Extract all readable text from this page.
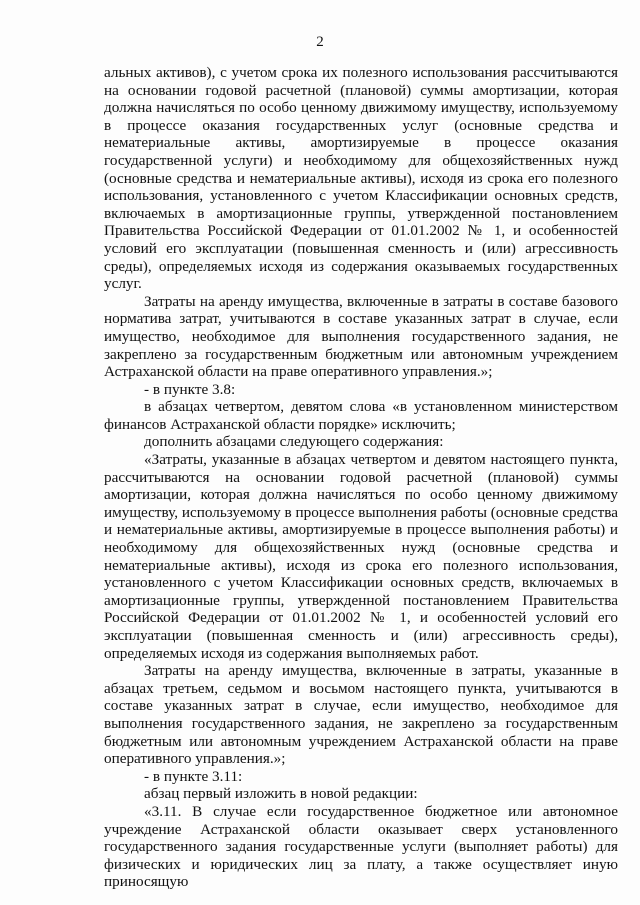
2

альных активов), с учетом срока их полезного использования рассчитываются на основании годовой расчетной (плановой) суммы амортизации, которая должна начисляться по особо ценному движимому имуществу, используемому в процессе оказания государственных услуг (основные средства и нематериальные активы, амортизируемые в процессе оказания государственной услуги) и необходимому для общехозяйственных нужд (основные средства и нематериальные активы), исходя из срока его полезного использования, установленного с учетом Классификации основных средств, включаемых в амортизационные группы, утвержденной постановлением Правительства Российской Федерации от 01.01.2002 № 1, и особенностей условий его эксплуатации (повышенная сменность и (или) агрессивность среды), определяемых исходя из содержания оказываемых государственных услуг.

Затраты на аренду имущества, включенные в затраты в составе базового норматива затрат, учитываются в составе указанных затрат в случае, если имущество, необходимое для выполнения государственного задания, не закреплено за государственным бюджетным или автономным учреждением Астраханской области на праве оперативного управления.»;

- в пункте 3.8:

в абзацах четвертом, девятом слова «в установленном министерством финансов Астраханской области порядке» исключить;

дополнить абзацами следующего содержания:

«Затраты, указанные в абзацах четвертом и девятом настоящего пункта, рассчитываются на основании годовой расчетной (плановой) суммы амортизации, которая должна начисляться по особо ценному движимому имуществу, используемому в процессе выполнения работы (основные средства и нематериальные активы, амортизируемые в процессе выполнения работы) и необходимому для общехозяйственных нужд (основные средства и нематериальные активы), исходя из срока его полезного использования, установленного с учетом Классификации основных средств, включаемых в амортизационные группы, утвержденной постановлением Правительства Российской Федерации от 01.01.2002 № 1, и особенностей условий его эксплуатации (повышенная сменность и (или) агрессивность среды), определяемых исходя из содержания выполняемых работ.

Затраты на аренду имущества, включенные в затраты, указанные в абзацах третьем, седьмом и восьмом настоящего пункта, учитываются в составе указанных затрат в случае, если имущество, необходимое для выполнения государственного задания, не закреплено за государственным бюджетным или автономным учреждением Астраханской области на праве оперативного управления.»;

- в пункте 3.11:

абзац первый изложить в новой редакции:

«3.11. В случае если государственное бюджетное или автономное учреждение Астраханской области оказывает сверх установленного государственного задания государственные услуги (выполняет работы) для физических и юридических лиц за плату, а также осуществляет иную приносящую
